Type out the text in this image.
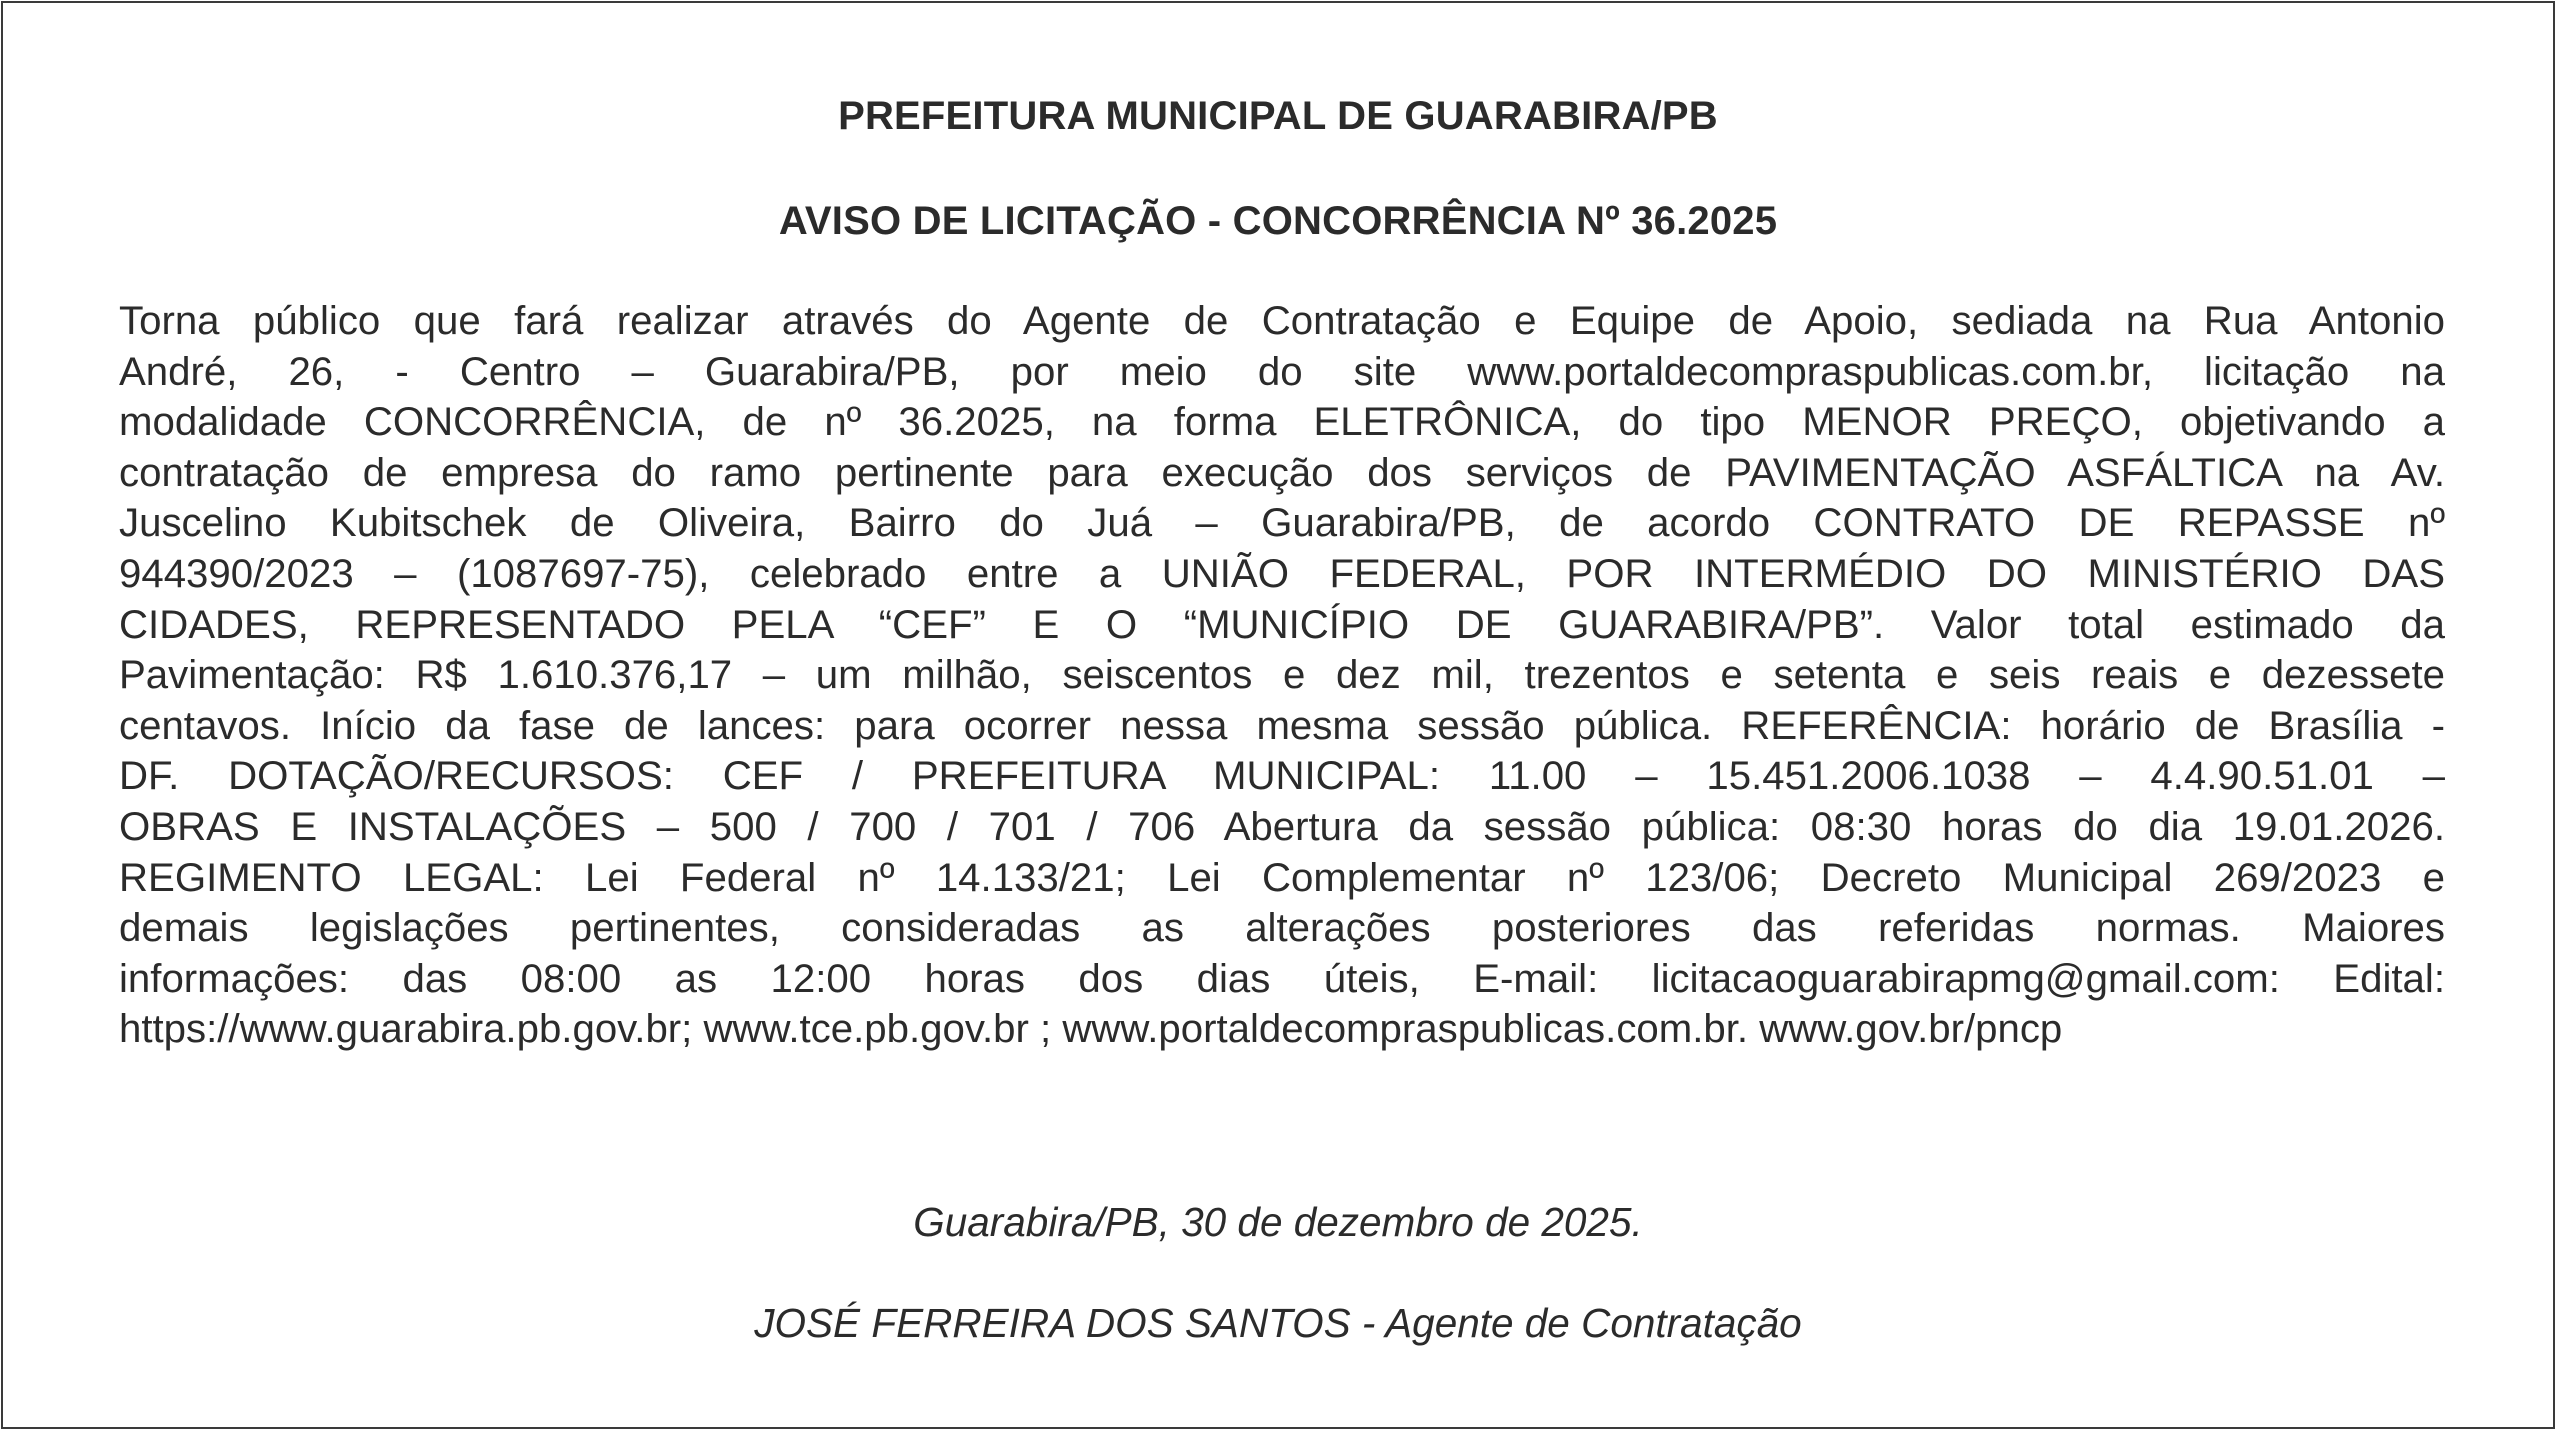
PREFEITURA MUNICIPAL DE GUARABIRA/PB
AVISO DE LICITAÇÃO - CONCORRÊNCIA Nº 36.2025
Torna público que fará realizar através do Agente de Contratação e Equipe de Apoio, sediada na Rua Antonio
André, 26, - Centro – Guarabira/PB, por meio do site www.portaldecompraspublicas.com.br, licitação na
modalidade CONCORRÊNCIA, de nº 36.2025, na forma ELETRÔNICA, do tipo MENOR PREÇO, objetivando a
contratação de empresa do ramo pertinente para execução dos serviços de PAVIMENTAÇÃO ASFÁLTICA na Av.
Juscelino Kubitschek de Oliveira, Bairro do Juá – Guarabira/PB, de acordo CONTRATO DE REPASSE nº
944390/2023 – (1087697-75), celebrado entre a UNIÃO FEDERAL, POR INTERMÉDIO DO MINISTÉRIO DAS
CIDADES, REPRESENTADO PELA “CEF” E O “MUNICÍPIO DE GUARABIRA/PB”. Valor total estimado da
Pavimentação: R$ 1.610.376,17 – um milhão, seiscentos e dez mil, trezentos e setenta e seis reais e dezessete
centavos. Início da fase de lances: para ocorrer nessa mesma sessão pública. REFERÊNCIA: horário de Brasília -
DF. DOTAÇÃO/RECURSOS: CEF / PREFEITURA MUNICIPAL: 11.00 – 15.451.2006.1038 – 4.4.90.51.01 –
OBRAS E INSTALAÇÕES – 500 / 700 / 701 / 706 Abertura da sessão pública: 08:30 horas do dia 19.01.2026.
REGIMENTO LEGAL: Lei Federal nº 14.133/21; Lei Complementar nº 123/06; Decreto Municipal 269/2023 e
demais legislações pertinentes, consideradas as alterações posteriores das referidas normas. Maiores
informações: das 08:00 as 12:00 horas dos dias úteis, E-mail: licitacaoguarabirapmg@gmail.com: Edital:
https://www.guarabira.pb.gov.br; www.tce.pb.gov.br ; www.portaldecompraspublicas.com.br. www.gov.br/pncp
Guarabira/PB, 30 de dezembro de 2025.
JOSÉ FERREIRA DOS SANTOS - Agente de Contratação
